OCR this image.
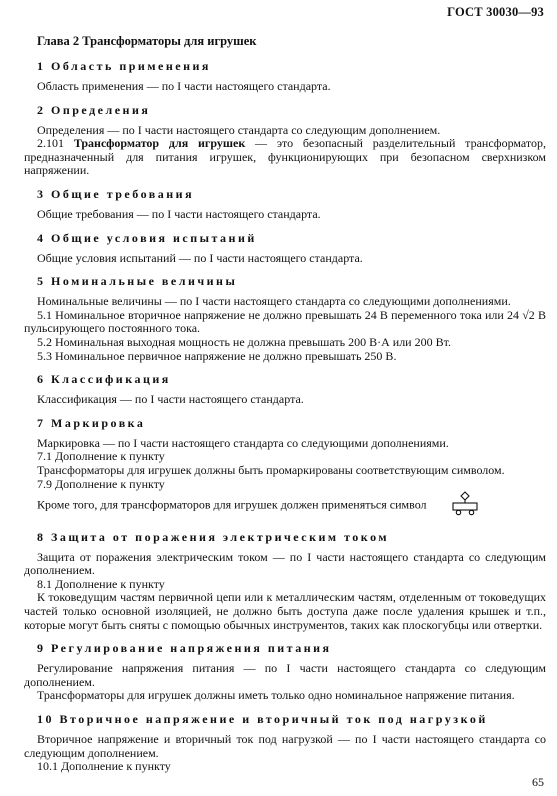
ГОСТ 30030—93
Глава 2 Трансформаторы для игрушек
1 Область применения

Область применения — по I части настоящего стандарта.

2 Определения

Определения — по I части настоящего стандарта со следующим дополнением.

2.101 Трансформатор для игрушек — это безопасный разделительный трансформатор, предназначенный для питания игрушек, функционирующих при безопасном сверхнизком напряжении.

3 Общие требования

Общие требования — по I части настоящего стандарта.

4 Общие условия испытаний

Общие условия испытаний — по I части настоящего стандарта.

5 Номинальные величины

Номинальные величины — по I части настоящего стандарта со следующими дополнениями.

5.1 Номинальное вторичное напряжение не должно превышать 24 В переменного тока или 24 √2 В пульсирующего постоянного тока.

5.2 Номинальная выходная мощность не должна превышать 200 В·А или 200 Вт.

5.3 Номинальное первичное напряжение не должно превышать 250 В.

6 Классификация

Классификация — по I части настоящего стандарта.

7 Маркировка

Маркировка — по I части настоящего стандарта со следующими дополнениями.

7.1 Дополнение к пункту

Трансформаторы для игрушек должны быть промаркированы соответствующим символом.

7.9 Дополнение к пункту

Кроме того, для трансформаторов для игрушек должен применяться символ

8 Защита от поражения электрическим током

Защита от поражения электрическим током — по I части настоящего стандарта со следующим дополнением.

8.1 Дополнение к пункту

К токоведущим частям первичной цепи или к металлическим частям, отделенным от токоведущих частей только основной изоляцией, не должно быть доступа даже после удаления крышек и т.п., которые могут быть сняты с помощью обычных инструментов, таких как плоскогубцы или отвертки.

9 Регулирование напряжения питания

Регулирование напряжения питания — по I части настоящего стандарта со следующим дополнением.

Трансформаторы для игрушек должны иметь только одно номинальное напряжение питания.

10 Вторичное напряжение и вторичный ток под нагрузкой

Вторичное напряжение и вторичный ток под нагрузкой — по I части настоящего стандарта со следующим дополнением.

10.1 Дополнение к пункту

65
